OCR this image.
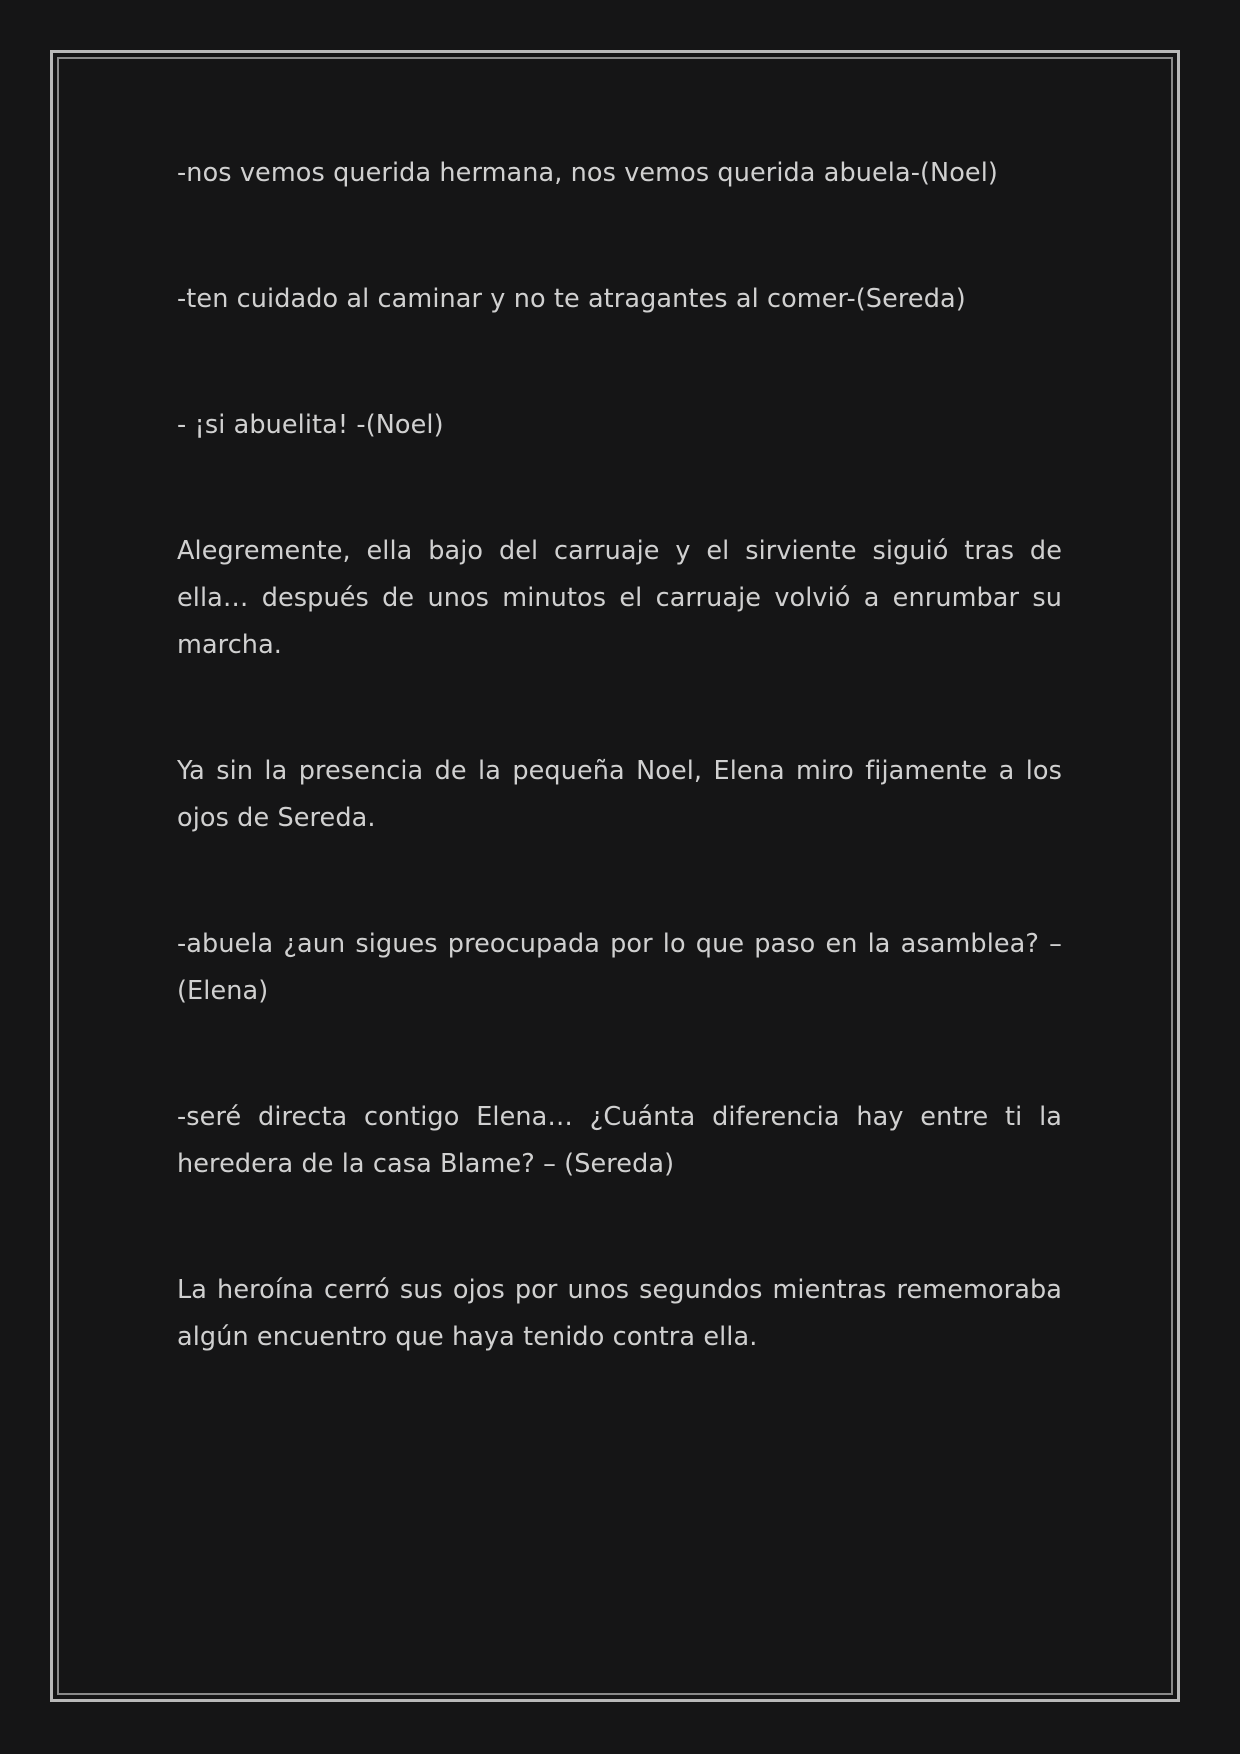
-nos vemos querida hermana, nos vemos querida abuela-(Noel)

-ten cuidado al caminar y no te atragantes al comer-(Sereda)

- ¡si abuelita! -(Noel)

Alegremente, ella bajo del carruaje y el sirviente siguió tras de ella… después de unos minutos el carruaje volvió a enrumbar su marcha.

Ya sin la presencia de la pequeña Noel, Elena miro fijamente a los ojos de Sereda.

-abuela ¿aun sigues preocupada por lo que paso en la asamblea? –(Elena)

-seré directa contigo Elena… ¿Cuánta diferencia hay entre ti la heredera de la casa Blame? – (Sereda)

La heroína cerró sus ojos por unos segundos mientras rememoraba algún encuentro que haya tenido contra ella.
